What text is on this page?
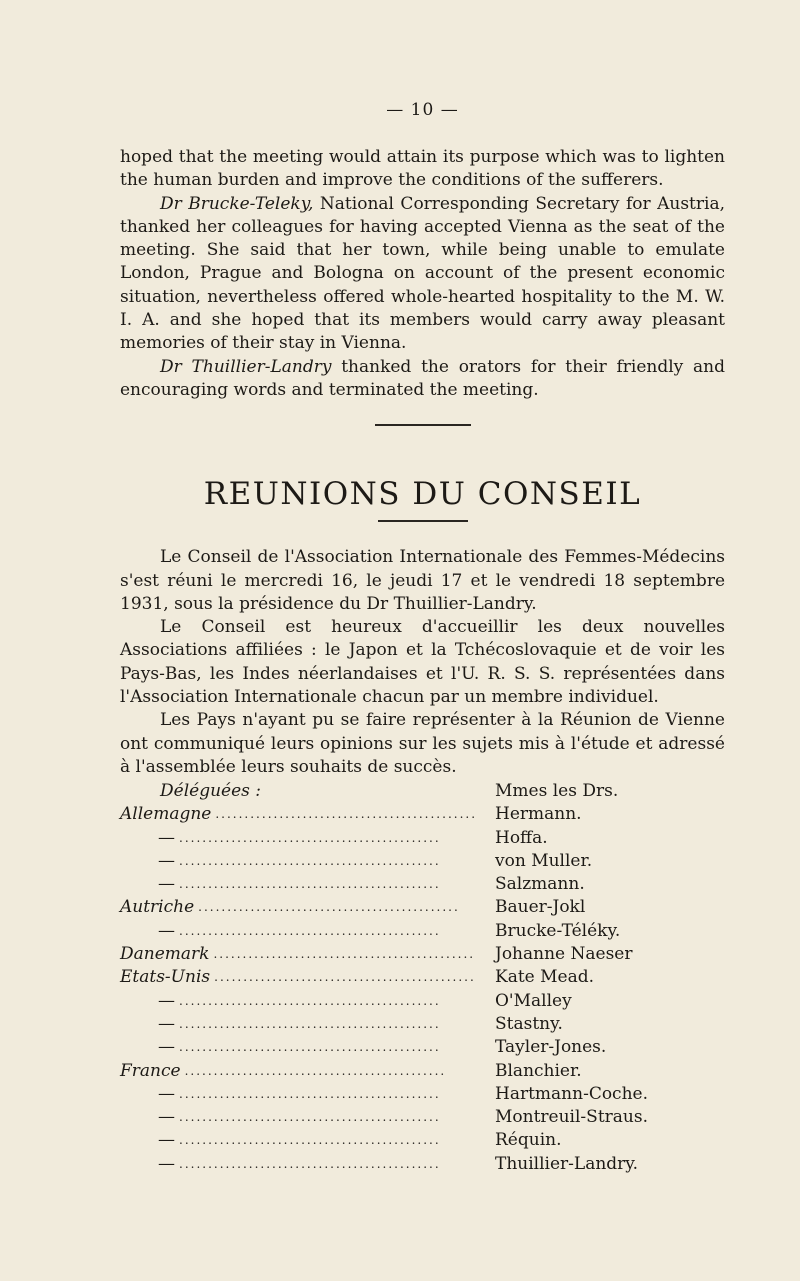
— 10 —

hoped that the meeting would attain its purpose which was to lighten the human burden and improve the conditions of the sufferers.

Dr Brucke-Teleky, National Corresponding Secretary for Austria, thanked her colleagues for having accepted Vienna as the seat of the meeting. She said that her town, while being unable to emulate London, Prague and Bologna on account of the present economic situation, nevertheless offered whole-hearted hospitality to the M. W. I. A. and she hoped that its members would carry away pleasant memories of their stay in Vienna.

Dr Thuillier-Landry thanked the orators for their friendly and encouraging words and terminated the meeting.

REUNIONS DU CONSEIL

Le Conseil de l'Association Internationale des Femmes-Médecins s'est réuni le mercredi 16, le jeudi 17 et le vendredi 18 septembre 1931, sous la présidence du Dr Thuillier-Landry.

Le Conseil est heureux d'accueillir les deux nouvelles Associations affiliées : le Japon et la Tchécoslovaquie et de voir les Pays-Bas, les Indes néerlandaises et l'U. R. S. S. représentées dans l'Association Internationale chacun par un membre individuel.

Les Pays n'ayant pu se faire représenter à la Réunion de Vienne ont communiqué leurs opinions sur les sujets mis à l'étude et adressé à l'assemblée leurs souhaits de succès.

Déléguées :	Mmes les Drs.
Allemagne .............................................	Hermann.
— .............................................	Hoffa.
— .............................................	von Muller.
— .............................................	Salzmann.
Autriche .............................................	Bauer-Jokl
— .............................................	Brucke-Téléky.
Danemark .............................................	Johanne Naeser
Etats-Unis .............................................	Kate Mead.
— .............................................	O'Malley
— .............................................	Stastny.
— .............................................	Tayler-Jones.
France .............................................	Blanchier.
— .............................................	Hartmann-Coche.
— .............................................	Montreuil-Straus.
— .............................................	Réquin.
— .............................................	Thuillier-Landry.
